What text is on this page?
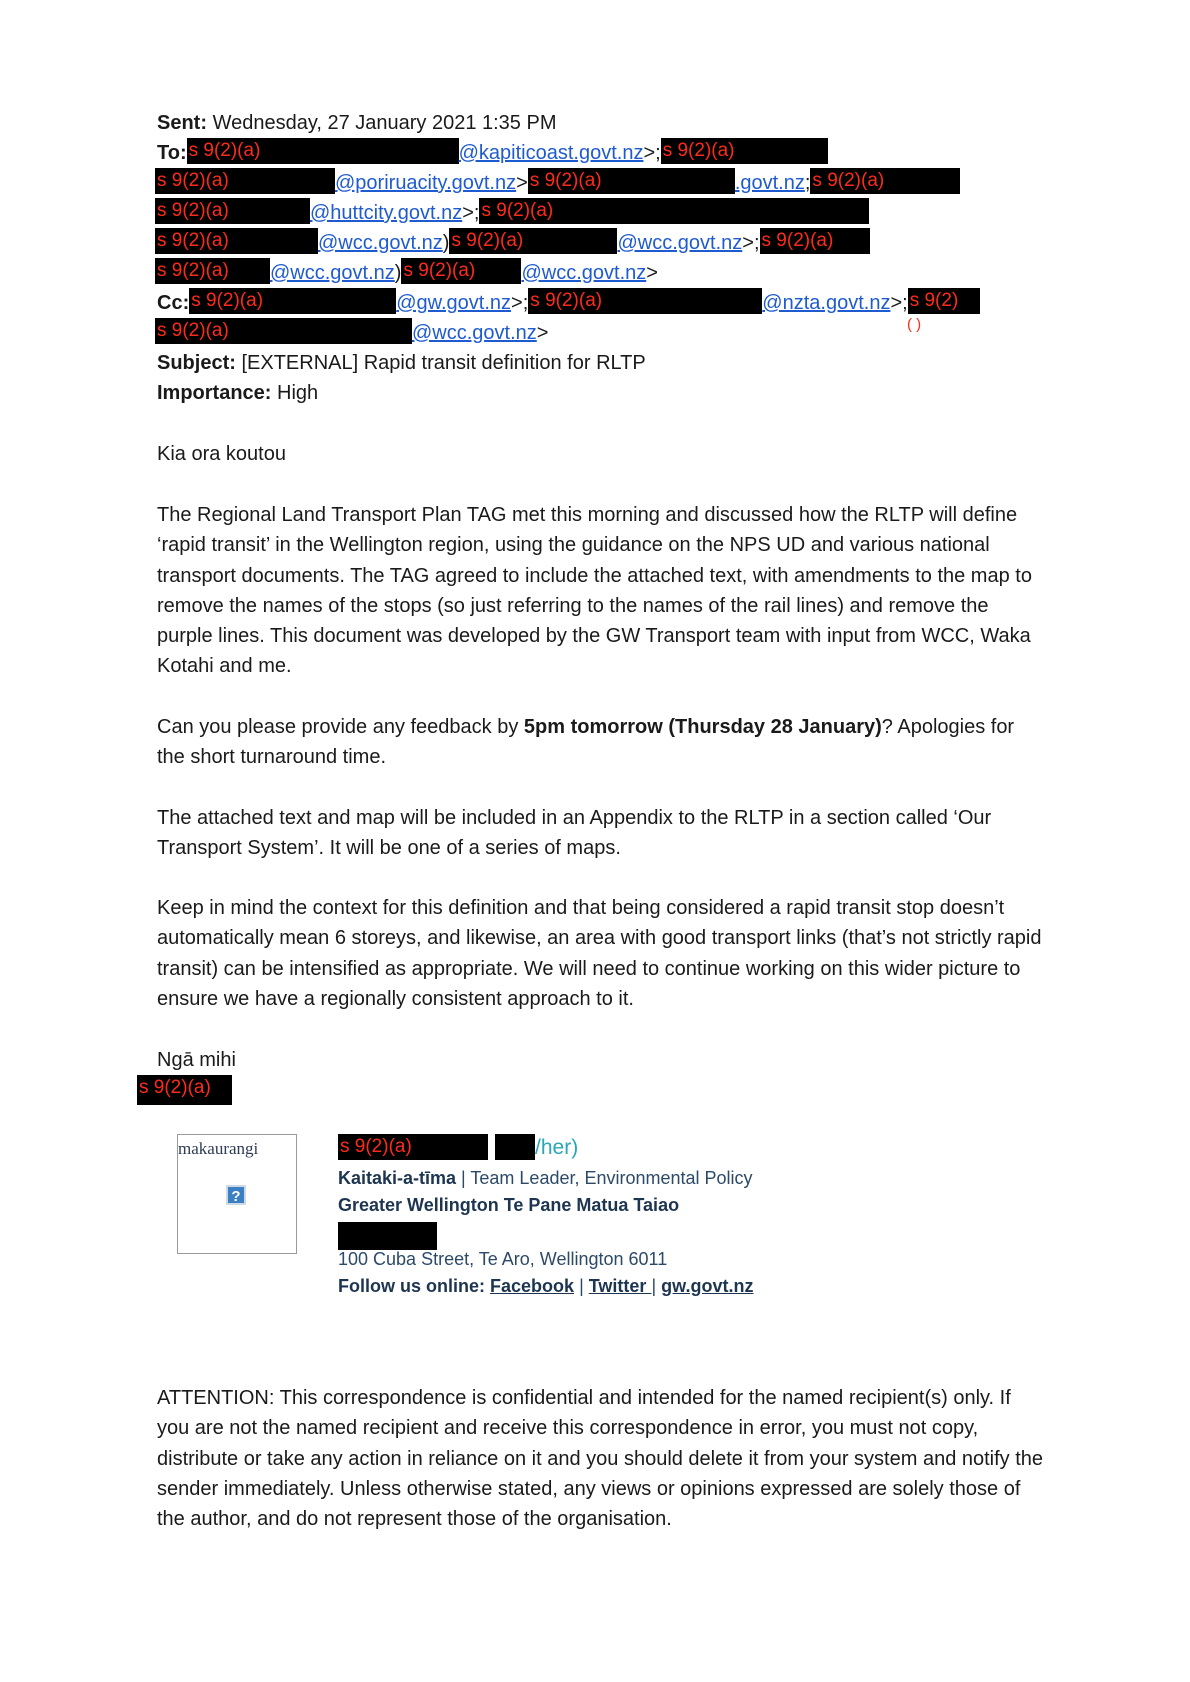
Sent: Wednesday, 27 January 2021 1:35 PM
To: s 9(2)(a)	@kapiticoast.govt.nz>; s 9(2)(a)
s 9(2)(a)	@poriruacity.govt.nz> s 9(2)(a)	.govt.nz; s 9(2)(a)
s 9(2)(a)	@huttcity.govt.nz>; s 9(2)(a)
s 9(2)(a)	@wcc.govt.nz) s 9(2)(a)	@wcc.govt.nz>; s 9(2)(a)
s 9(2)(a) @wcc.govt.nz) s 9(2)(a) @wcc.govt.nz>
Cc: s 9(2)(a)	@gw.govt.nz>; s 9(2)(a)	@nzta.govt.nz>; s 9(2)
( )
s 9(2)(a)	@wcc.govt.nz>
Subject: [EXTERNAL] Rapid transit definition for RLTP
Importance: High
Kia ora koutou
The Regional Land Transport Plan TAG met this morning and discussed how the RLTP will define ‘rapid transit’ in the Wellington region, using the guidance on the NPS UD and various national transport documents. The TAG agreed to include the attached text, with amendments to the map to remove the names of the stops (so just referring to the names of the rail lines) and remove the purple lines. This document was developed by the GW Transport team with input from WCC, Waka Kotahi and me.
Can you please provide any feedback by 5pm tomorrow (Thursday 28 January)? Apologies for the short turnaround time.
The attached text and map will be included in an Appendix to the RLTP in a section called ‘Our Transport System’. It will be one of a series of maps.
Keep in mind the context for this definition and that being considered a rapid transit stop doesn’t automatically mean 6 storeys, and likewise, an area with good transport links (that’s not strictly rapid transit) can be intensified as appropriate. We will need to continue working on this wider picture to ensure we have a regionally consistent approach to it.
Ngā mihi
s 9(2)(a)
makaurangi
?
s 9(2)(a)	/her)
Kaitaki-a-tīma | Team Leader, Environmental Policy
Greater Wellington Te Pane Matua Taiao
100 Cuba Street, Te Aro, Wellington 6011
Follow us online: Facebook | Twitter | gw.govt.nz
ATTENTION: This correspondence is confidential and intended for the named recipient(s) only. If you are not the named recipient and receive this correspondence in error, you must not copy, distribute or take any action in reliance on it and you should delete it from your system and notify the sender immediately. Unless otherwise stated, any views or opinions expressed are solely those of the author, and do not represent those of the organisation.
